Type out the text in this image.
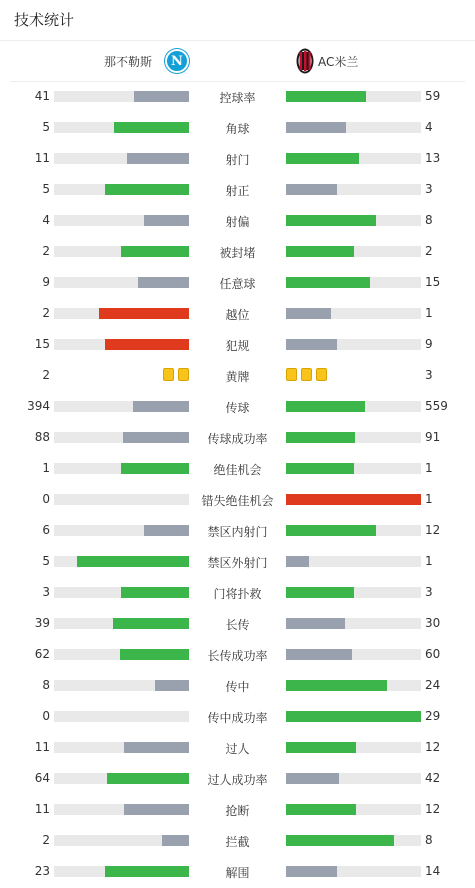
技术统计
那不勒斯	N	AC米兰
41	控球率	59
5	角球	4
11	射门	13
5	射正	3
4	射偏	8
2	被封堵	2
9	任意球	15
2	越位	1
15	犯规	9
2	黄牌	3
394	传球	559
88	传球成功率	91
1	绝佳机会	1
0	错失绝佳机会	1
6	禁区内射门	12
5	禁区外射门	1
3	门将扑救	3
39	长传	30
62	长传成功率	60
8	传中	24
0	传中成功率	29
11	过人	12
64	过人成功率	42
11	抢断	12
2	拦截	8
23	解围	14
